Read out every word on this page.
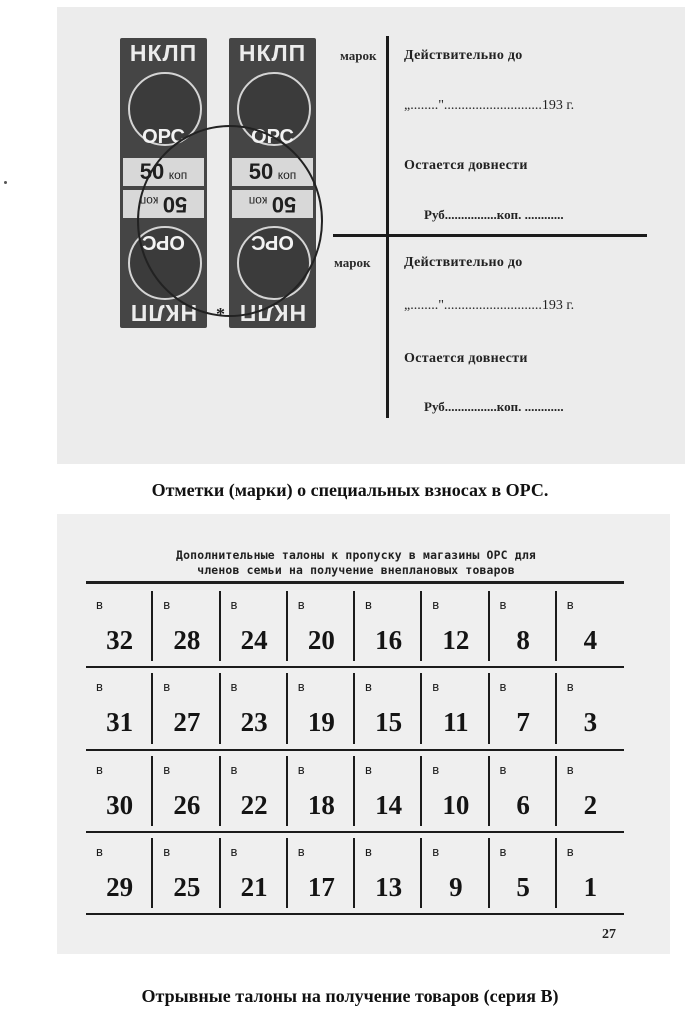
НКЛП
ОРС
50 коп
50 коп
ОРС
НКЛП
НКЛП
ОРС
50 коп
50 коп
ОРС
НКЛП
*
марок Действительно до
„........"............................193 г.
Остается довнести
Руб................коп. ............
марок Действительно до
„........"............................193 г.
Остается довнести
Руб................коп. ............
Отметки (марки) о специальных взносах в ОРС.
Дополнительные талоны к пропуску в магазины ОРС для
членов семьи на получение внеплановых товаров
в
32
в
28
в
24
в
20
в
16
в
12
в
8
в
4
в
31
в
27
в
23
в
19
в
15
в
11
в
7
в
3
в
30
в
26
в
22
в
18
в
14
в
10
в
6
в
2
в
29
в
25
в
21
в
17
в
13
в
9
в
5
в
1
27
Отрывные талоны на получение товаров (серия В)
